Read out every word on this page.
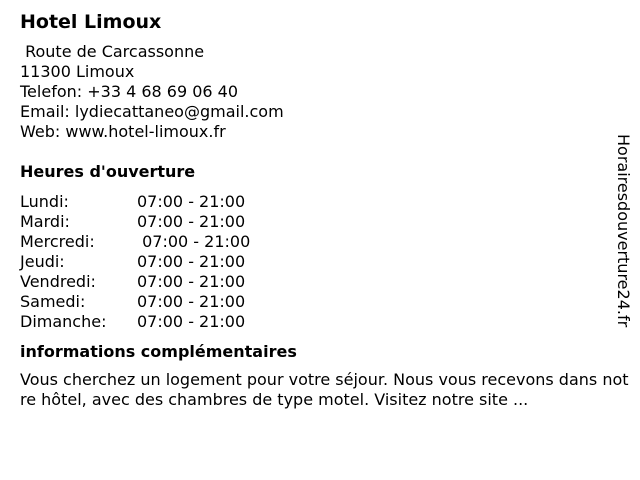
Hotel Limoux
Route de Carcassonne
11300 Limoux
Telefon: +33 4 68 69 06 40
Email: lydiecattaneo@gmail.com
Web: www.hotel-limoux.fr
Heures d'ouverture
Lundi:	07:00 - 21:00
Mardi:	07:00 - 21:00
Mercredi:	07:00 - 21:00
Jeudi:	07:00 - 21:00
Vendredi:	07:00 - 21:00
Samedi:	07:00 - 21:00
Dimanche:	07:00 - 21:00
informations complémentaires
Vous cherchez un logement pour votre séjour. Nous vous recevons dans notre hôtel, avec des chambres de type motel. Visitez notre site ...
Horairesdouverture24.fr
